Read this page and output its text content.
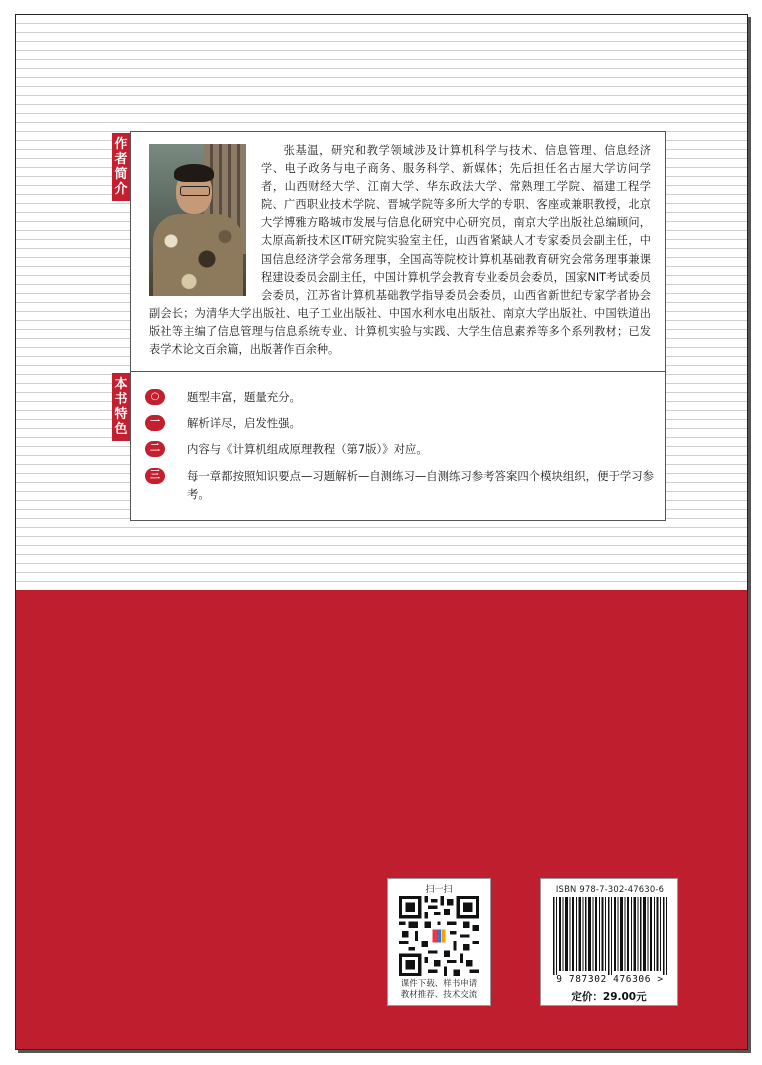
作
者
简
介
张基温，研究和教学领域涉及计算机科学与技术、信息管理、信息经济学、电子政务与电子商务、服务科学、新媒体；先后担任名古屋大学访问学者，山西财经大学、江南大学、华东政法大学、常熟理工学院、福建工程学院、广西职业技术学院、晋城学院等多所大学的专职、客座或兼职教授，北京大学博雅方略城市发展与信息化研究中心研究员，南京大学出版社总编顾问，太原高新技术区IT研究院实验室主任，山西省紧缺人才专家委员会副主任，中国信息经济学会常务理事，全国高等院校计算机基础教育研究会常务理事兼课程建设委员会副主任，中国计算机学会教育专业委员会委员，国家NIT考试委员会委员，江苏省计算机基础教学指导委员会委员，山西省新世纪专家学者协会副会长；为清华大学出版社、电子工业出版社、中国水利水电出版社、南京大学出版社、中国铁道出版社等主编了信息管理与信息系统专业、计算机实验与实践、大学生信息素养等多个系列教材；已发表学术论文百余篇，出版著作百余种。
本
书
特
色
○	题型丰富，题量充分。
一	解析详尽，启发性强。
二	内容与《计算机组成原理教程（第7版）》对应。
三	每一章都按照知识要点—习题解析—自测练习—自测练习参考答案四个模块组织，便于学习参考。
扫一扫
课件下载、样书申请
教材推荐、技术交流
ISBN 978-7-302-47630-6
9 787302 476306 >
定价：29.00元
